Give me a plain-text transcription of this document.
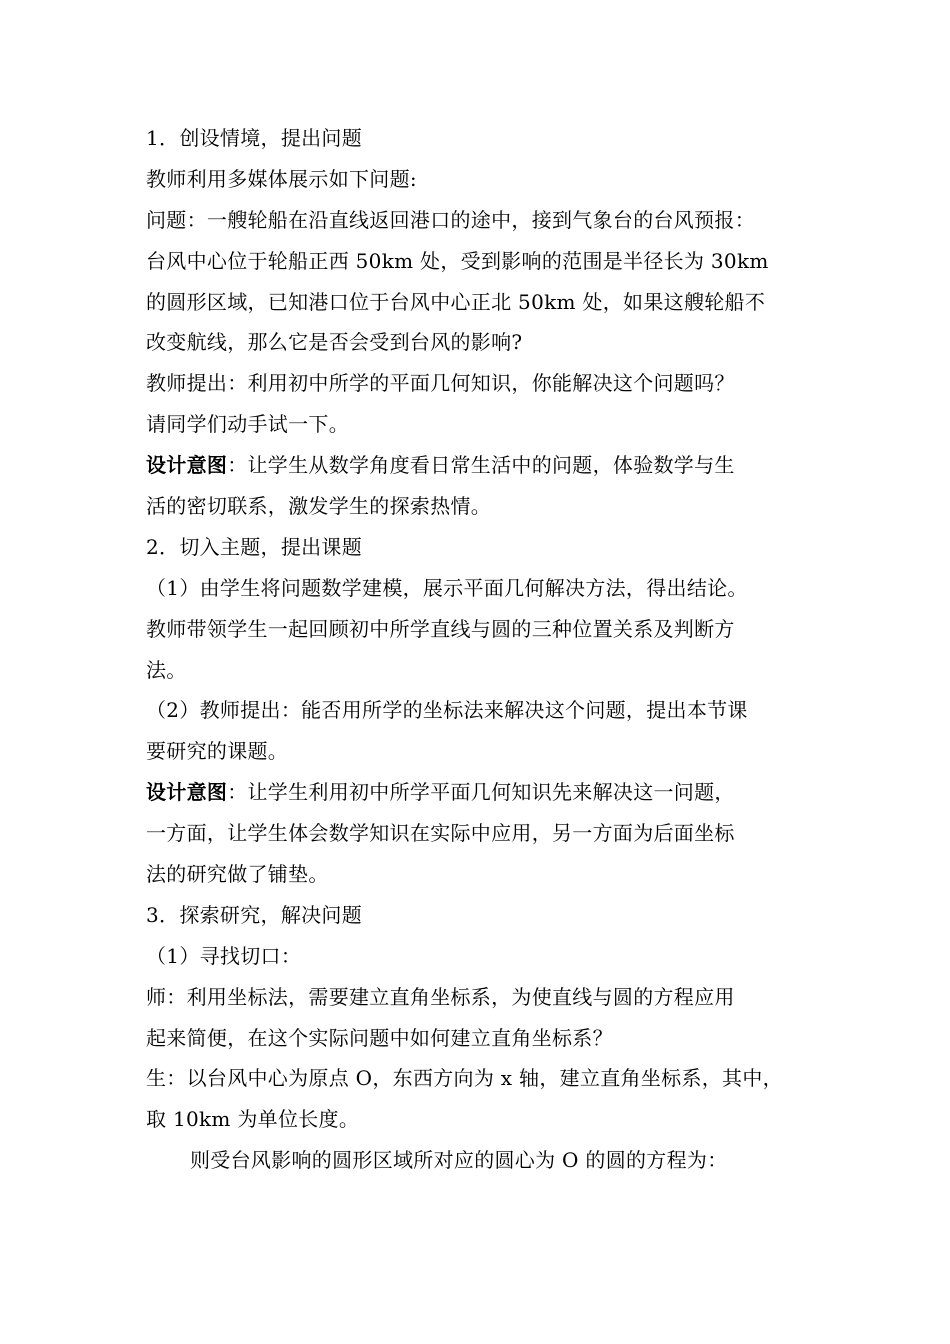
1．创设情境，提出问题
教师利用多媒体展示如下问题:
问题：一艘轮船在沿直线返回港口的途中，接到气象台的台风预报：
台风中心位于轮船正西 50km 处，受到影响的范围是半径长为 30km
的圆形区域，已知港口位于台风中心正北 50km 处，如果这艘轮船不
改变航线，那么它是否会受到台风的影响?
教师提出：利用初中所学的平面几何知识，你能解决这个问题吗？
请同学们动手试一下。
设计意图：让学生从数学角度看日常生活中的问题，体验数学与生
活的密切联系，激发学生的探索热情。
2．切入主题，提出课题
（1）由学生将问题数学建模，展示平面几何解决方法，得出结论。
教师带领学生一起回顾初中所学直线与圆的三种位置关系及判断方
法。
（2）教师提出：能否用所学的坐标法来解决这个问题，提出本节课
要研究的课题。
设计意图：让学生利用初中所学平面几何知识先来解决这一问题，
一方面，让学生体会数学知识在实际中应用，另一方面为后面坐标
法的研究做了铺垫。
3．探索研究，解决问题
（1）寻找切口：
师：利用坐标法，需要建立直角坐标系，为使直线与圆的方程应用
起来简便，在这个实际问题中如何建立直角坐标系？
生：以台风中心为原点 O，东西方向为 x 轴，建立直角坐标系，其中，
取 10km 为单位长度。
则受台风影响的圆形区域所对应的圆心为 O 的圆的方程为：
